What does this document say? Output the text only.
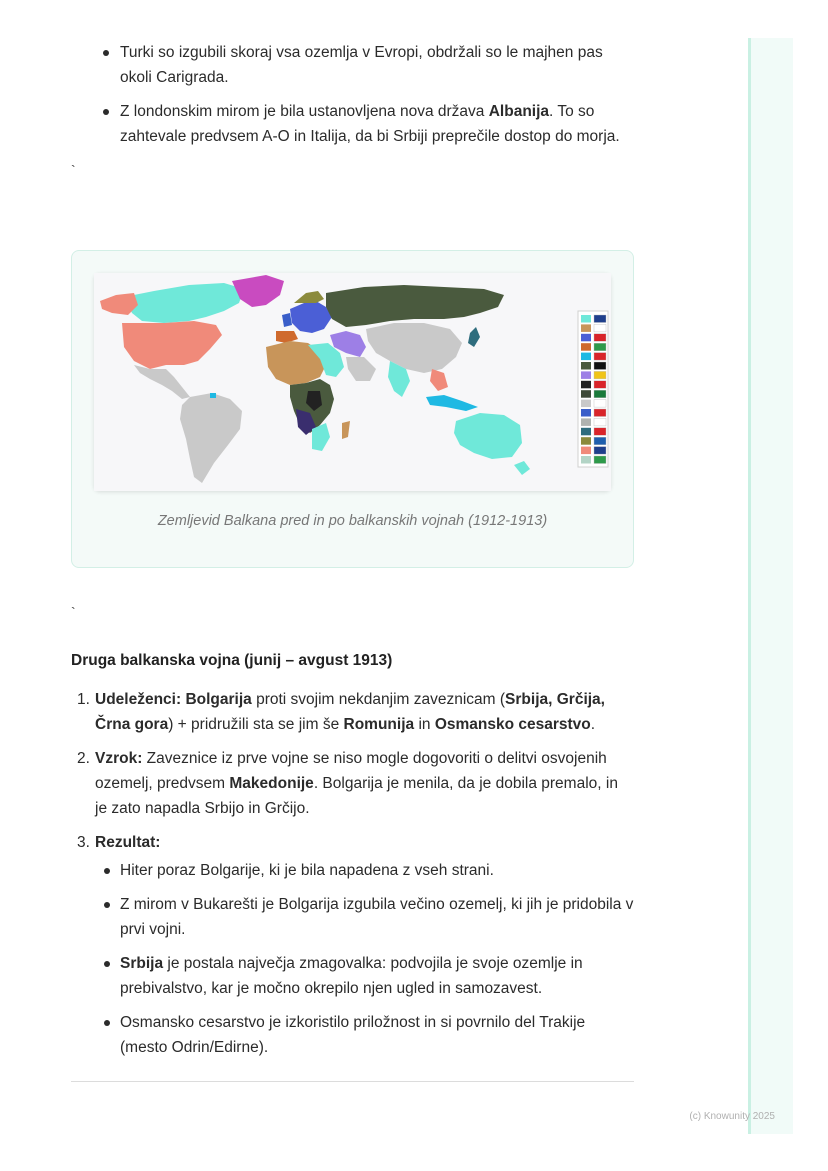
Turki so izgubili skoraj vsa ozemlja v Evropi, obdržali so le majhen pas okoli Carigrada.
Z londonskim mirom je bila ustanovljena nova država Albanija. To so zahtevale predvsem A-O in Italija, da bi Srbiji preprečile dostop do morja.
`
Zemljevid Balkana pred in po balkanskih vojnah (1912-1913)
`
Druga balkanska vojna (junij – avgust 1913)
1. Udeleženci: Bolgarija proti svojim nekdanjim zaveznicam (Srbija, Grčija, Črna gora) + pridružili sta se jim še Romunija in Osmansko cesarstvo.
2. Vzrok: Zaveznice iz prve vojne se niso mogle dogovoriti o delitvi osvojenih ozemelj, predvsem Makedonije. Bolgarija je menila, da je dobila premalo, in je zato napadla Srbijo in Grčijo.
3. Rezultat:
Hiter poraz Bolgarije, ki je bila napadena z vseh strani.
Z mirom v Bukarešti je Bolgarija izgubila večino ozemelj, ki jih je pridobila v prvi vojni.
Srbija je postala največja zmagovalka: podvojila je svoje ozemlje in prebivalstvo, kar je močno okrepilo njen ugled in samozavest.
Osmansko cesarstvo je izkoristilo priložnost in si povrnilo del Trakije (mesto Odrin/Edirne).
(c) Knowunity 2025
